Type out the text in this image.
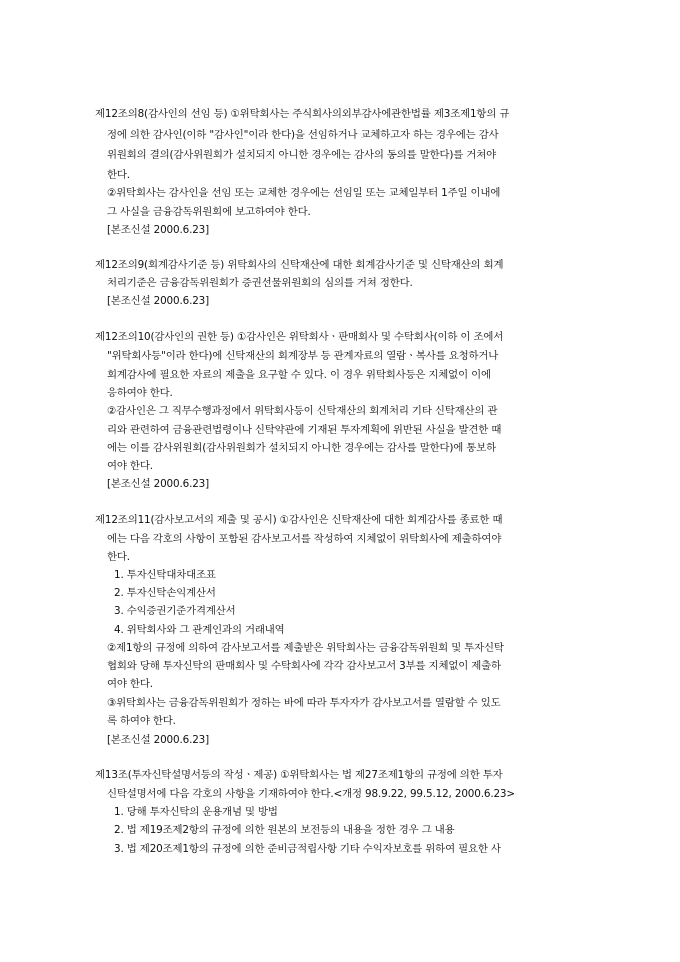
제12조의8(감사인의 선임 등) ①위탁회사는 주식회사의외부감사에관한법률 제3조제1항의 규
정에 의한 감사인(이하 "감사인"이라 한다)을 선임하거나 교체하고자 하는 경우에는 감사
위원회의 결의(감사위원회가 설치되지 아니한 경우에는 감사의 동의를 말한다)를 거쳐야
한다.
②위탁회사는 감사인을 선임 또는 교체한 경우에는 선임일 또는 교체일부터 1주일 이내에
그 사실을 금융감독위원회에 보고하여야 한다.
[본조신설 2000.6.23]
제12조의9(회계감사기준 등) 위탁회사의 신탁재산에 대한 회계감사기준 및 신탁재산의 회계
처리기준은 금융감독위원회가 증권선물위원회의 심의를 거쳐 정한다.
[본조신설 2000.6.23]
제12조의10(감사인의 권한 등) ①감사인은 위탁회사ㆍ판매회사 및 수탁회사(이하 이 조에서
"위탁회사등"이라 한다)에 신탁재산의 회계장부 등 관계자료의 열람ㆍ복사를 요청하거나
회계감사에 필요한 자료의 제출을 요구할 수 있다. 이 경우 위탁회사등은 지체없이 이에
응하여야 한다.
②감사인은 그 직무수행과정에서 위탁회사등이 신탁재산의 회계처리 기타 신탁재산의 관
리와 관련하여 금융관련법령이나 신탁약관에 기재된 투자계획에 위반된 사실을 발견한 때
에는 이를 감사위원회(감사위원회가 설치되지 아니한 경우에는 감사를 말한다)에 통보하
여야 한다.
[본조신설 2000.6.23]
제12조의11(감사보고서의 제출 및 공시) ①감사인은 신탁재산에 대한 회계감사를 종료한 때
에는 다음 각호의 사항이 포함된 감사보고서를 작성하여 지체없이 위탁회사에 제출하여야
한다.
1. 투자신탁대차대조표
2. 투자신탁손익계산서
3. 수익증권기준가격계산서
4. 위탁회사와 그 관계인과의 거래내역
②제1항의 규정에 의하여 감사보고서를 제출받은 위탁회사는 금융감독위원회 및 투자신탁
협회와 당해 투자신탁의 판매회사 및 수탁회사에 각각 감사보고서 3부를 지체없이 제출하
여야 한다.
③위탁회사는 금융감독위원회가 정하는 바에 따라 투자자가 감사보고서를 열람할 수 있도
록 하여야 한다.
[본조신설 2000.6.23]
제13조(투자신탁설명서등의 작성ㆍ제공) ①위탁회사는 법 제27조제1항의 규정에 의한 투자
신탁설명서에 다음 각호의 사항을 기재하여야 한다.<개정 98.9.22, 99.5.12, 2000.6.23>
1. 당해 투자신탁의 운용개념 및 방법
2. 법 제19조제2항의 규정에 의한 원본의 보전등의 내용을 정한 경우 그 내용
3. 법 제20조제1항의 규정에 의한 준비금적립사항 기타 수익자보호를 위하여 필요한 사
